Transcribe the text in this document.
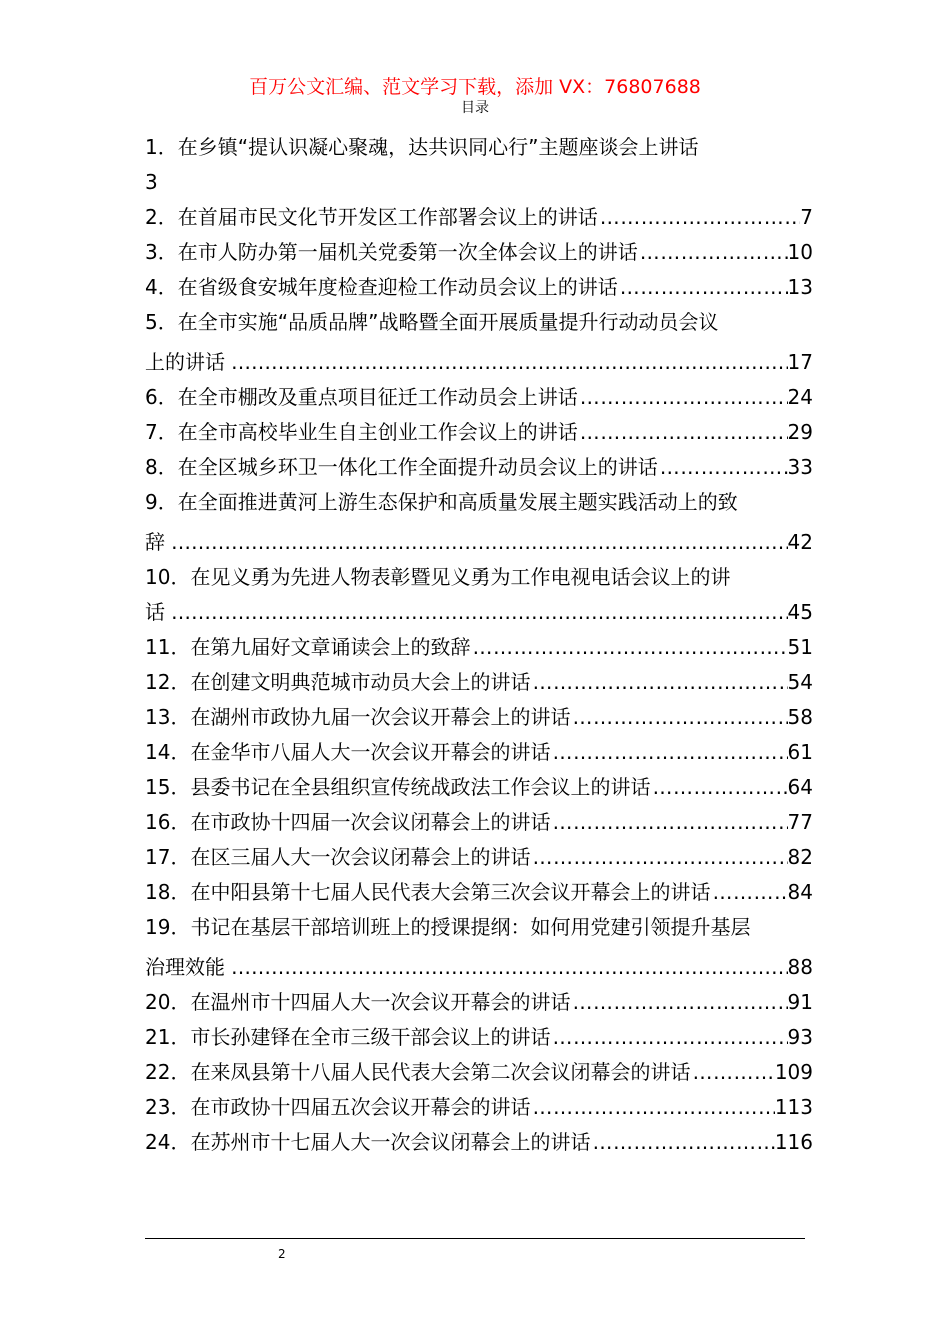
百万公文汇编、范文学习下载，添加 VX：76807688
目录
1．在乡镇“提认识凝心聚魂，达共识同心行”主题座谈会上讲话
3
2．在首届市民文化节开发区工作部署会议上的讲话 ……………………………………………………………………………………………………………………………………………………………………	7
3．在市人防办第一届机关党委第一次全体会议上的讲话 ……………………………………………………………………………………………………………………………………………………………………	10
4．在省级食安城年度检查迎检工作动员会议上的讲话 ……………………………………………………………………………………………………………………………………………………………………	13
5．在全市实施“品质品牌”战略暨全面开展质量提升行动动员会议
上的讲话 ……………………………………………………………………………………………………………………………………………………………………	17
6．在全市棚改及重点项目征迁工作动员会上讲话 ……………………………………………………………………………………………………………………………………………………………………	24
7．在全市高校毕业生自主创业工作会议上的讲话 ……………………………………………………………………………………………………………………………………………………………………	29
8．在全区城乡环卫一体化工作全面提升动员会议上的讲话 ……………………………………………………………………………………………………………………………………………………………………	33
9．在全面推进黄河上游生态保护和高质量发展主题实践活动上的致
辞 ……………………………………………………………………………………………………………………………………………………………………	42
10．在见义勇为先进人物表彰暨见义勇为工作电视电话会议上的讲
话 ……………………………………………………………………………………………………………………………………………………………………	45
11．在第九届好文章诵读会上的致辞 ……………………………………………………………………………………………………………………………………………………………………	51
12．在创建文明典范城市动员大会上的讲话 ……………………………………………………………………………………………………………………………………………………………………	54
13．在湖州市政协九届一次会议开幕会上的讲话 ……………………………………………………………………………………………………………………………………………………………………	58
14．在金华市八届人大一次会议开幕会的讲话 ……………………………………………………………………………………………………………………………………………………………………	61
15．县委书记在全县组织宣传统战政法工作会议上的讲话 ……………………………………………………………………………………………………………………………………………………………………	64
16．在市政协十四届一次会议闭幕会上的讲话 ……………………………………………………………………………………………………………………………………………………………………	77
17．在区三届人大一次会议闭幕会上的讲话 ……………………………………………………………………………………………………………………………………………………………………	82
18．在中阳县第十七届人民代表大会第三次会议开幕会上的讲话 ……………………………………………………………………………………………………………………………………………………………………	84
19．书记在基层干部培训班上的授课提纲：如何用党建引领提升基层
治理效能 ……………………………………………………………………………………………………………………………………………………………………	88
20．在温州市十四届人大一次会议开幕会的讲话 ……………………………………………………………………………………………………………………………………………………………………	91
21．市长孙建铎在全市三级干部会议上的讲话 ……………………………………………………………………………………………………………………………………………………………………	93
22．在来凤县第十八届人民代表大会第二次会议闭幕会的讲话 ……………………………………………………………………………………………………………………………………………………………………	109
23．在市政协十四届五次会议开幕会的讲话 ……………………………………………………………………………………………………………………………………………………………………	113
24．在苏州市十七届人大一次会议闭幕会上的讲话 ……………………………………………………………………………………………………………………………………………………………………	116
2
